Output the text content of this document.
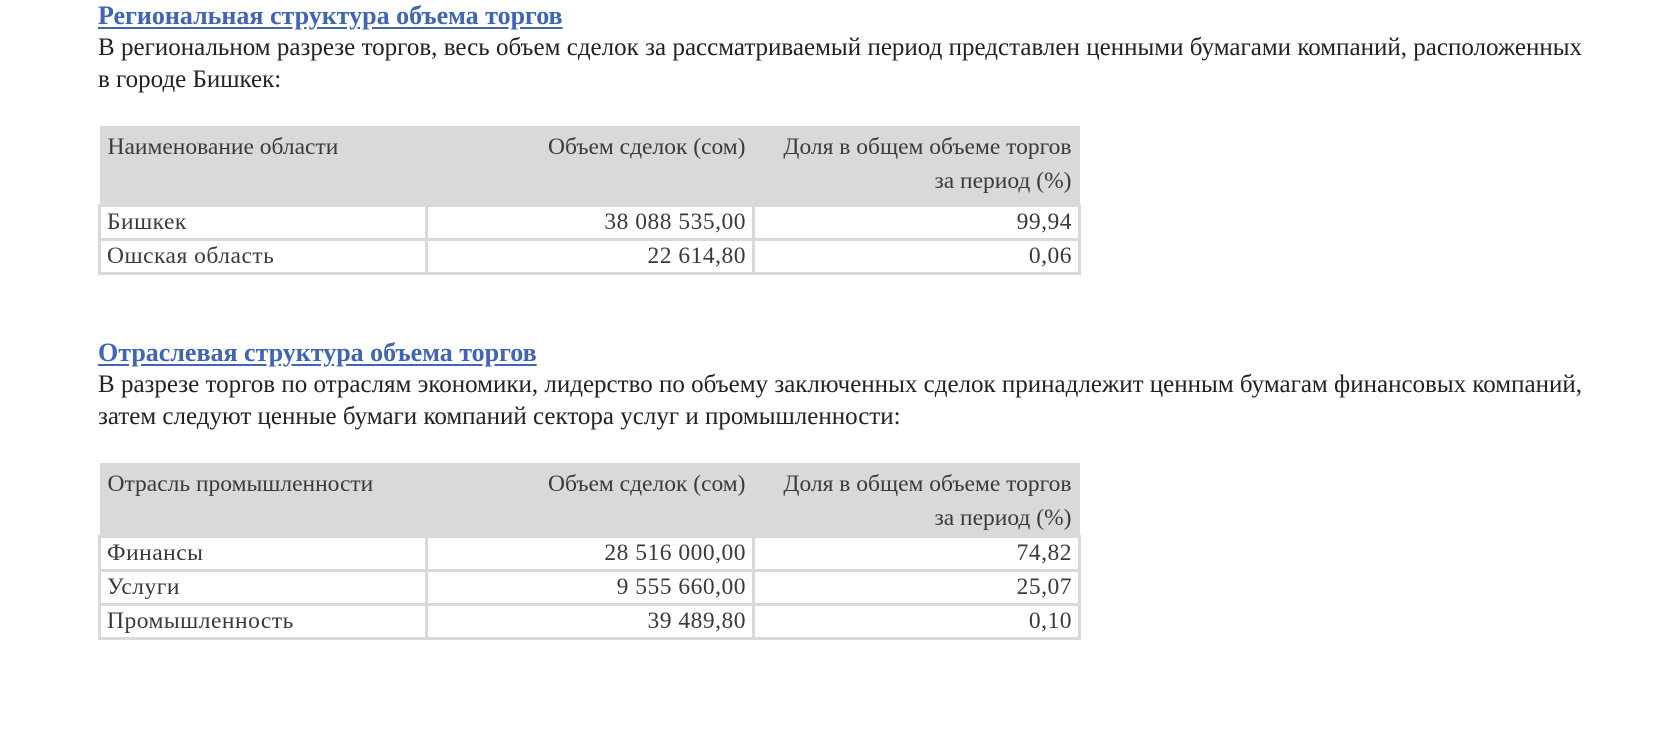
Региональная структура объема торгов

В региональном разрезе торгов, весь объем сделок за рассматриваемый период представлен ценными бумагами компаний, расположенных в городе Бишкек:

Наименование области	Объем сделок (сом)	Доля в общем объеме торгов за период (%)
Бишкек	38 088 535,00	99,94
Ошская область	22 614,80	0,06
Отраслевая структура объема торгов

В разрезе торгов по отраслям экономики, лидерство по объему заключенных сделок принадлежит ценным бумагам финансовых компаний, затем следуют ценные бумаги компаний сектора услуг и промышленности:

Отрасль промышленности	Объем сделок (сом)	Доля в общем объеме торгов за период (%)
Финансы	28 516 000,00	74,82
Услуги	9 555 660,00	25,07
Промышленность	39 489,80	0,10
